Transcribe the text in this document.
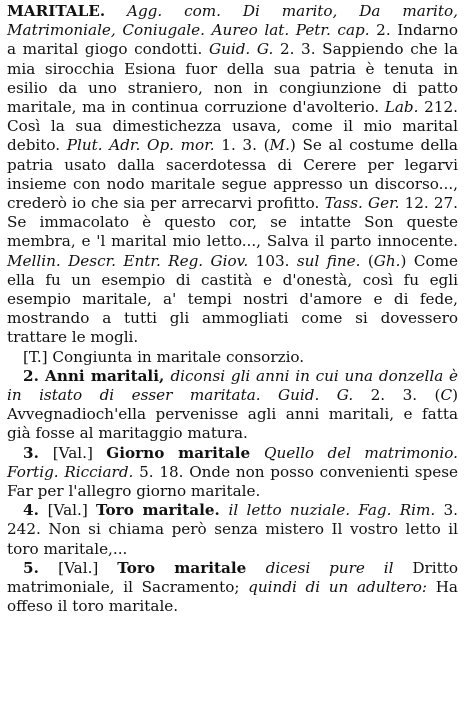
MARITALE. Agg. com. Di marito, Da marito, Matrimoniale, Coniugale. Aureo lat. Petr. cap. 2. Indarno a marital giogo condotti. Guid. G. 2. 3. Sappiendo che la mia sirocchia Esiona fuor della sua patria è tenuta in esilio da uno straniero, non in congiunzione di patto maritale, ma in continua corruzione d'avolterio. Lab. 212. Così la sua dimestichezza usava, come il mio marital debito. Plut. Adr. Op. mor. 1. 3. (M.) Se al costume della patria usato dalla sacerdotessa di Cerere per legarvi insieme con nodo maritale segue appresso un discorso..., crederò io che sia per arrecarvi profitto. Tass. Ger. 12. 27. Se immacolato è questo cor, se intatte Son queste membra, e 'l marital mio letto..., Salva il parto innocente. Mellin. Descr. Entr. Reg. Giov. 103. sul fine. (Gh.) Come ella fu un esempio di castità e d'onestà, così fu egli esempio maritale, a' tempi nostri d'amore e di fede, mostrando a tutti gli ammogliati come si dovessero trattare le mogli.

[T.] Congiunta in maritale consorzio.

2. Anni maritali, diconsi gli anni in cui una donzella è in istato di esser maritata. Guid. G. 2. 3. (C) Avvegnadioch'ella pervenisse agli anni maritali, e fatta già fosse al maritaggio matura.

3. [Val.] Giorno maritale Quello del matrimonio. Fortig. Ricciard. 5. 18. Onde non posso convenienti spese Far per l'allegro giorno maritale.

4. [Val.] Toro maritale. il letto nuziale. Fag. Rim. 3. 242. Non si chiama però senza mistero Il vostro letto il toro maritale,...

5. [Val.] Toro maritale dicesi pure il Dritto matrimoniale, il Sacramento; quindi di un adultero: Ha offeso il toro maritale.
